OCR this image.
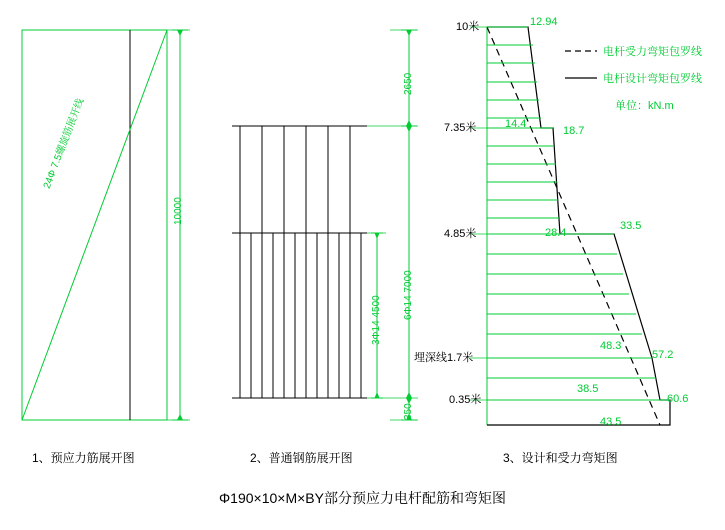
24Φ 7.5螺旋筋展开线
10000
1、预应力筋展开图
2650
3Φ14 4500
6Φ14 7000
350
2、普通钢筋展开图
10米
7.35米
4.85米
埋深线1.7米
0.35米
12.94
14.4
18.7
28.4
33.5
48.3
57.2
38.5
60.6
43.5
电杆受力弯矩包罗线
电杆设计弯矩包罗线
单位：kN.m
3、设计和受力弯矩图
Φ190×10×M×BY部分预应力电杆配筋和弯矩图
